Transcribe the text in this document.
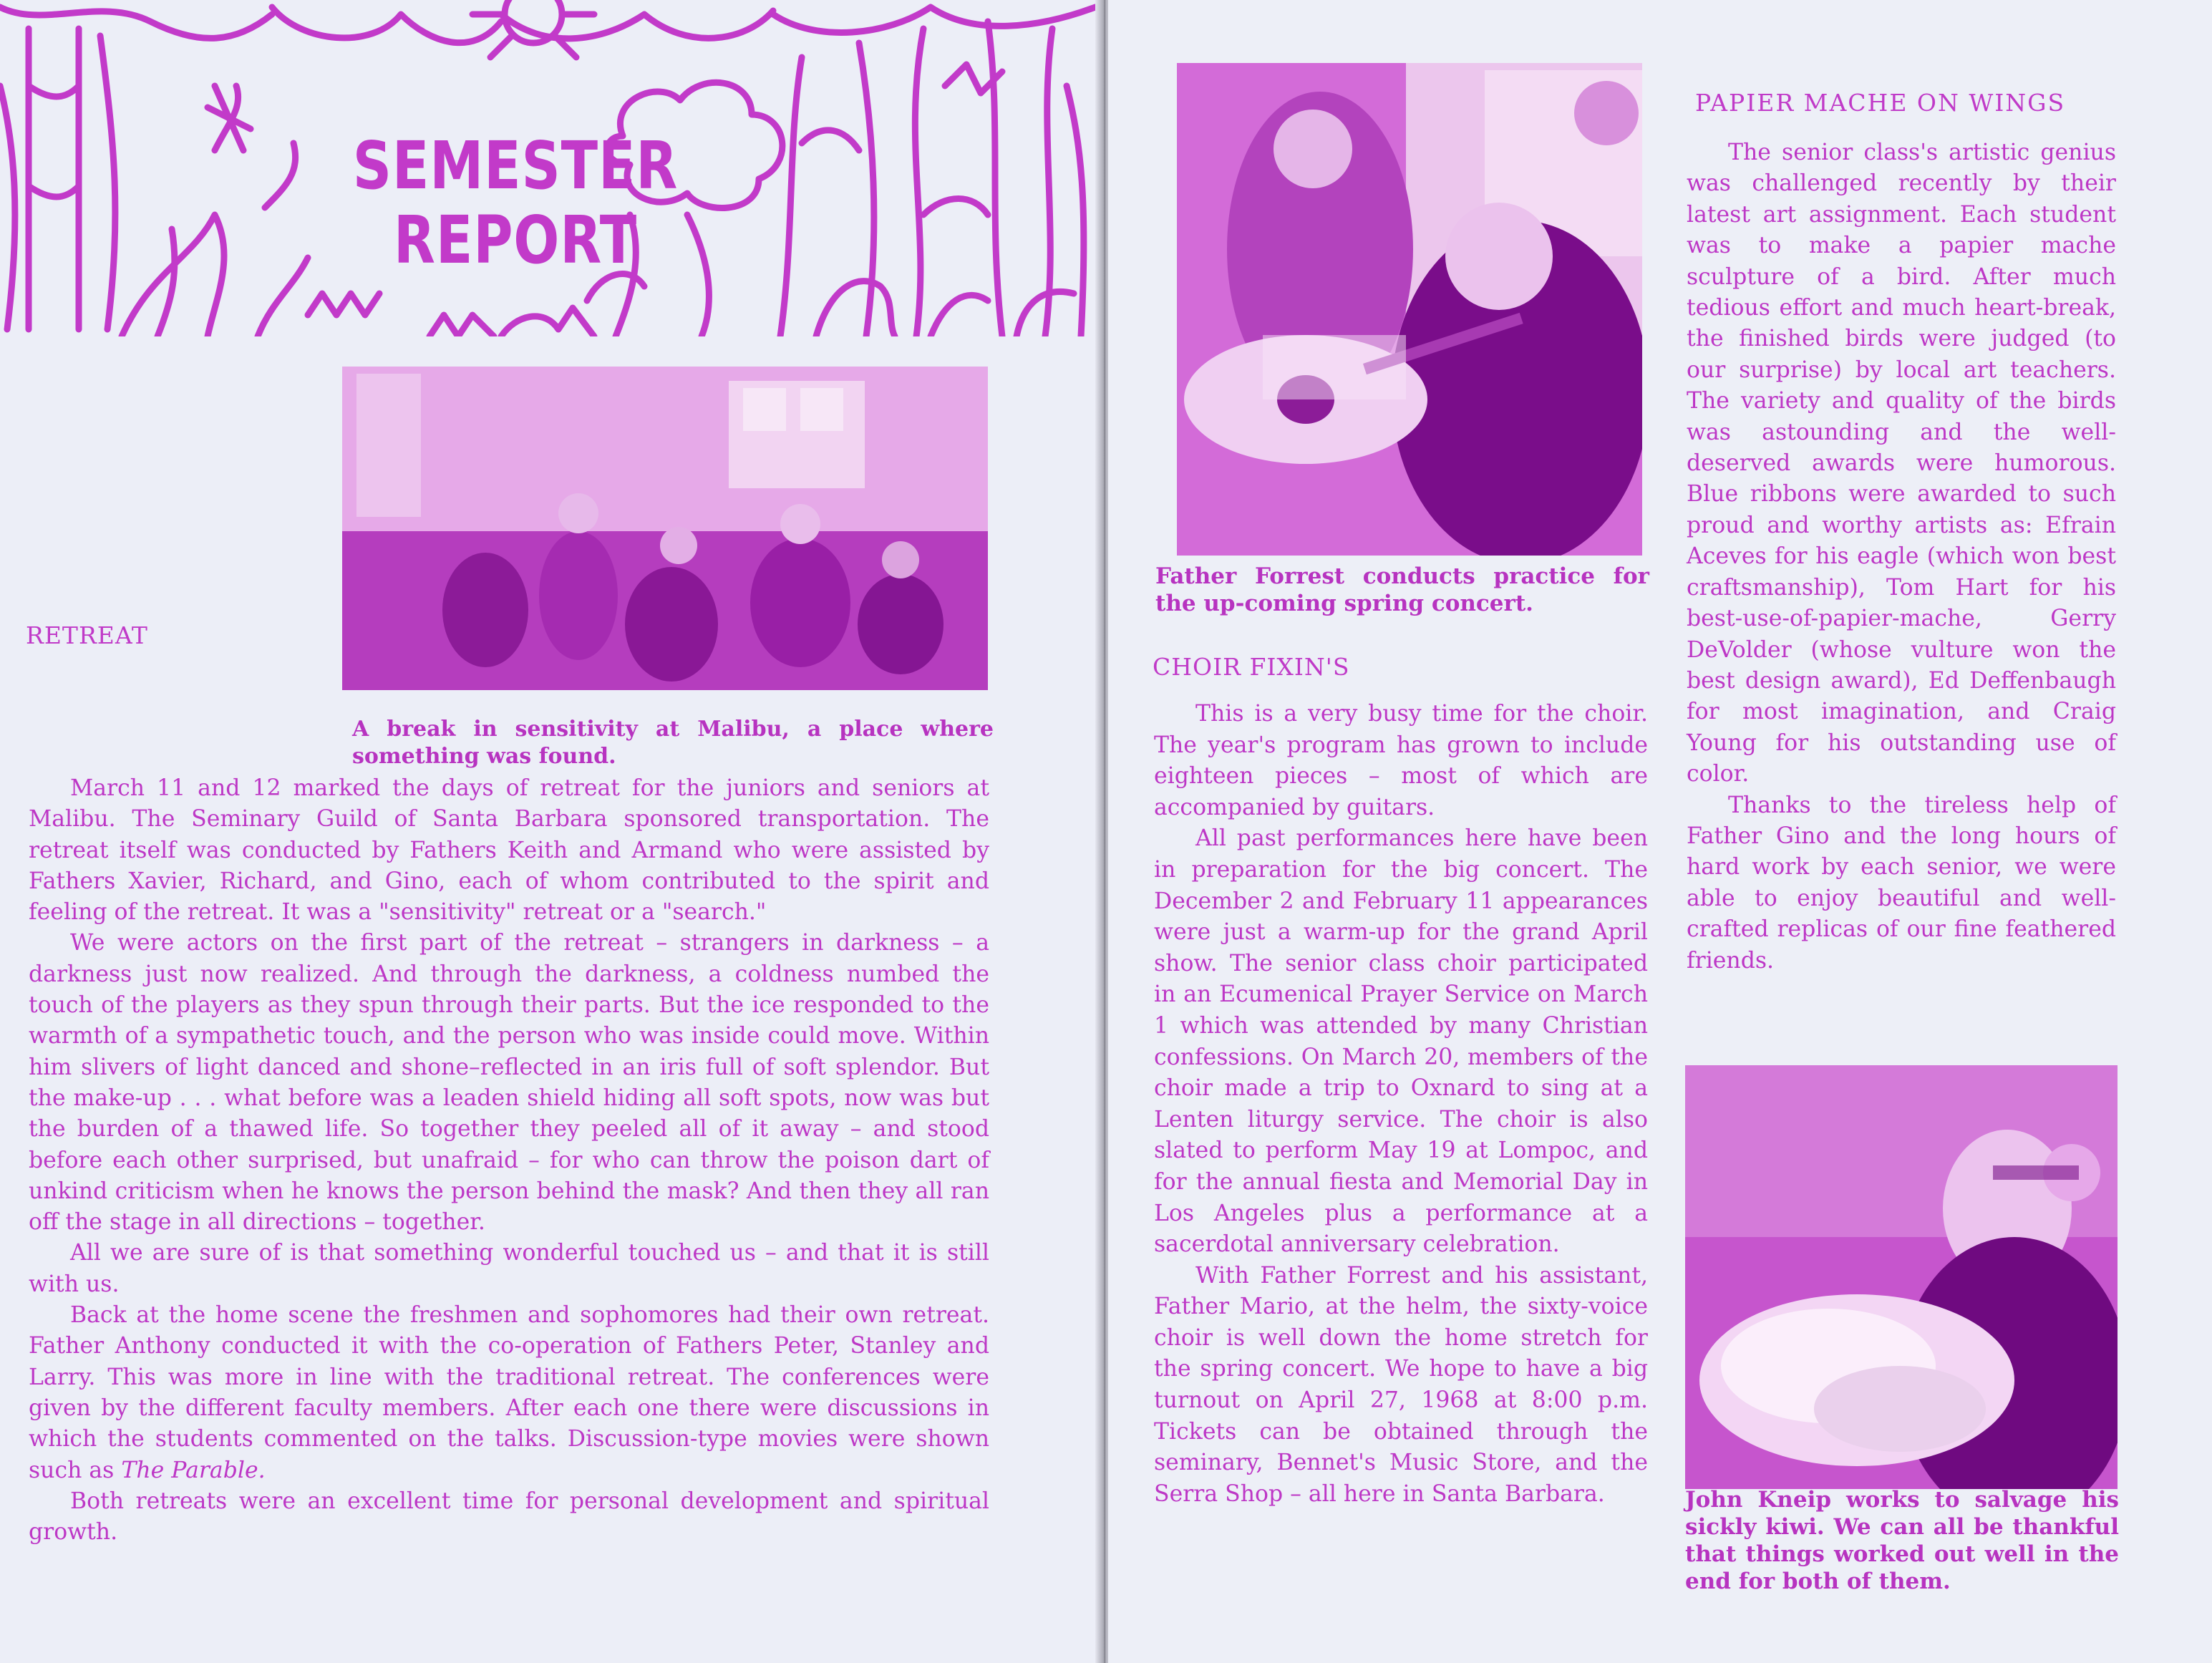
SEMESTER
REPORT
A break in sensitivity at Malibu, a place where something was found.
RETREAT

March 11 and 12 marked the days of retreat for the juniors and seniors at Malibu. The Seminary Guild of Santa Barbara sponsored transportation. The retreat itself was conducted by Fathers Keith and Armand who were assisted by Fathers Xavier, Richard, and Gino, each of whom contributed to the spirit and feeling of the retreat. It was a "sensitivity" retreat or a "search."

We were actors on the first part of the retreat – strangers in darkness – a darkness just now realized. And through the darkness, a coldness numbed the touch of the players as they spun through their parts. But the ice responded to the warmth of a sympathetic touch, and the person who was inside could move. Within him slivers of light danced and shone–reflected in an iris full of soft splendor. But the make-up . . . what before was a leaden shield hiding all soft spots, now was but the burden of a thawed life. So together they peeled all of it away – and stood before each other surprised, but unafraid – for who can throw the poison dart of unkind criticism when he knows the person behind the mask? And then they all ran off the stage in all directions – together.

All we are sure of is that something wonderful touched us – and that it is still with us.

Back at the home scene the freshmen and sophomores had their own retreat. Father Anthony conducted it with the co-operation of Fathers Peter, Stanley and Larry. This was more in line with the traditional retreat. The conferences were given by the different faculty members. After each one there were discussions in which the students commented on the talks. Discussion-type movies were shown such as The Parable.

Both retreats were an excellent time for personal development and spiritual growth.

Father Forrest conducts practice for the up-coming spring concert.
CHOIR FIXIN'S

This is a very busy time for the choir. The year's program has grown to include eighteen pieces – most of which are accompanied by guitars.

All past performances here have been in preparation for the big concert. The December 2 and February 11 appearances were just a warm-up for the grand April show. The senior class choir participated in an Ecumenical Prayer Service on March 1 which was attended by many Christian confessions. On March 20, members of the choir made a trip to Oxnard to sing at a Lenten liturgy service. The choir is also slated to perform May 19 at Lompoc, and for the annual fiesta and Memorial Day in Los Angeles plus a performance at a sacerdotal anniversary celebration.

With Father Forrest and his assistant, Father Mario, at the helm, the sixty-voice choir is well down the home stretch for the spring concert. We hope to have a big turnout on April 27, 1968 at 8:00 p.m. Tickets can be obtained through the seminary, Bennet's Music Store, and the Serra Shop – all here in Santa Barbara.

PAPIER MACHE ON WINGS

The senior class's artistic genius was challenged recently by their latest art assignment. Each student was to make a papier mache sculpture of a bird. After much tedious effort and much heart-break, the finished birds were judged (to our surprise) by local art teachers. The variety and quality of the birds was astounding and the well-deserved awards were humorous. Blue ribbons were awarded to such proud and worthy artists as: Efrain Aceves for his eagle (which won best craftsmanship), Tom Hart for his best-use-of-papier-mache, Gerry DeVolder (whose vulture won the best design award), Ed Deffenbaugh for most imagination, and Craig Young for his outstanding use of color.

Thanks to the tireless help of Father Gino and the long hours of hard work by each senior, we were able to enjoy beautiful and well-crafted replicas of our fine feathered friends.

John Kneip works to salvage his sickly kiwi. We can all be thankful that things worked out well in the end for both of them.
